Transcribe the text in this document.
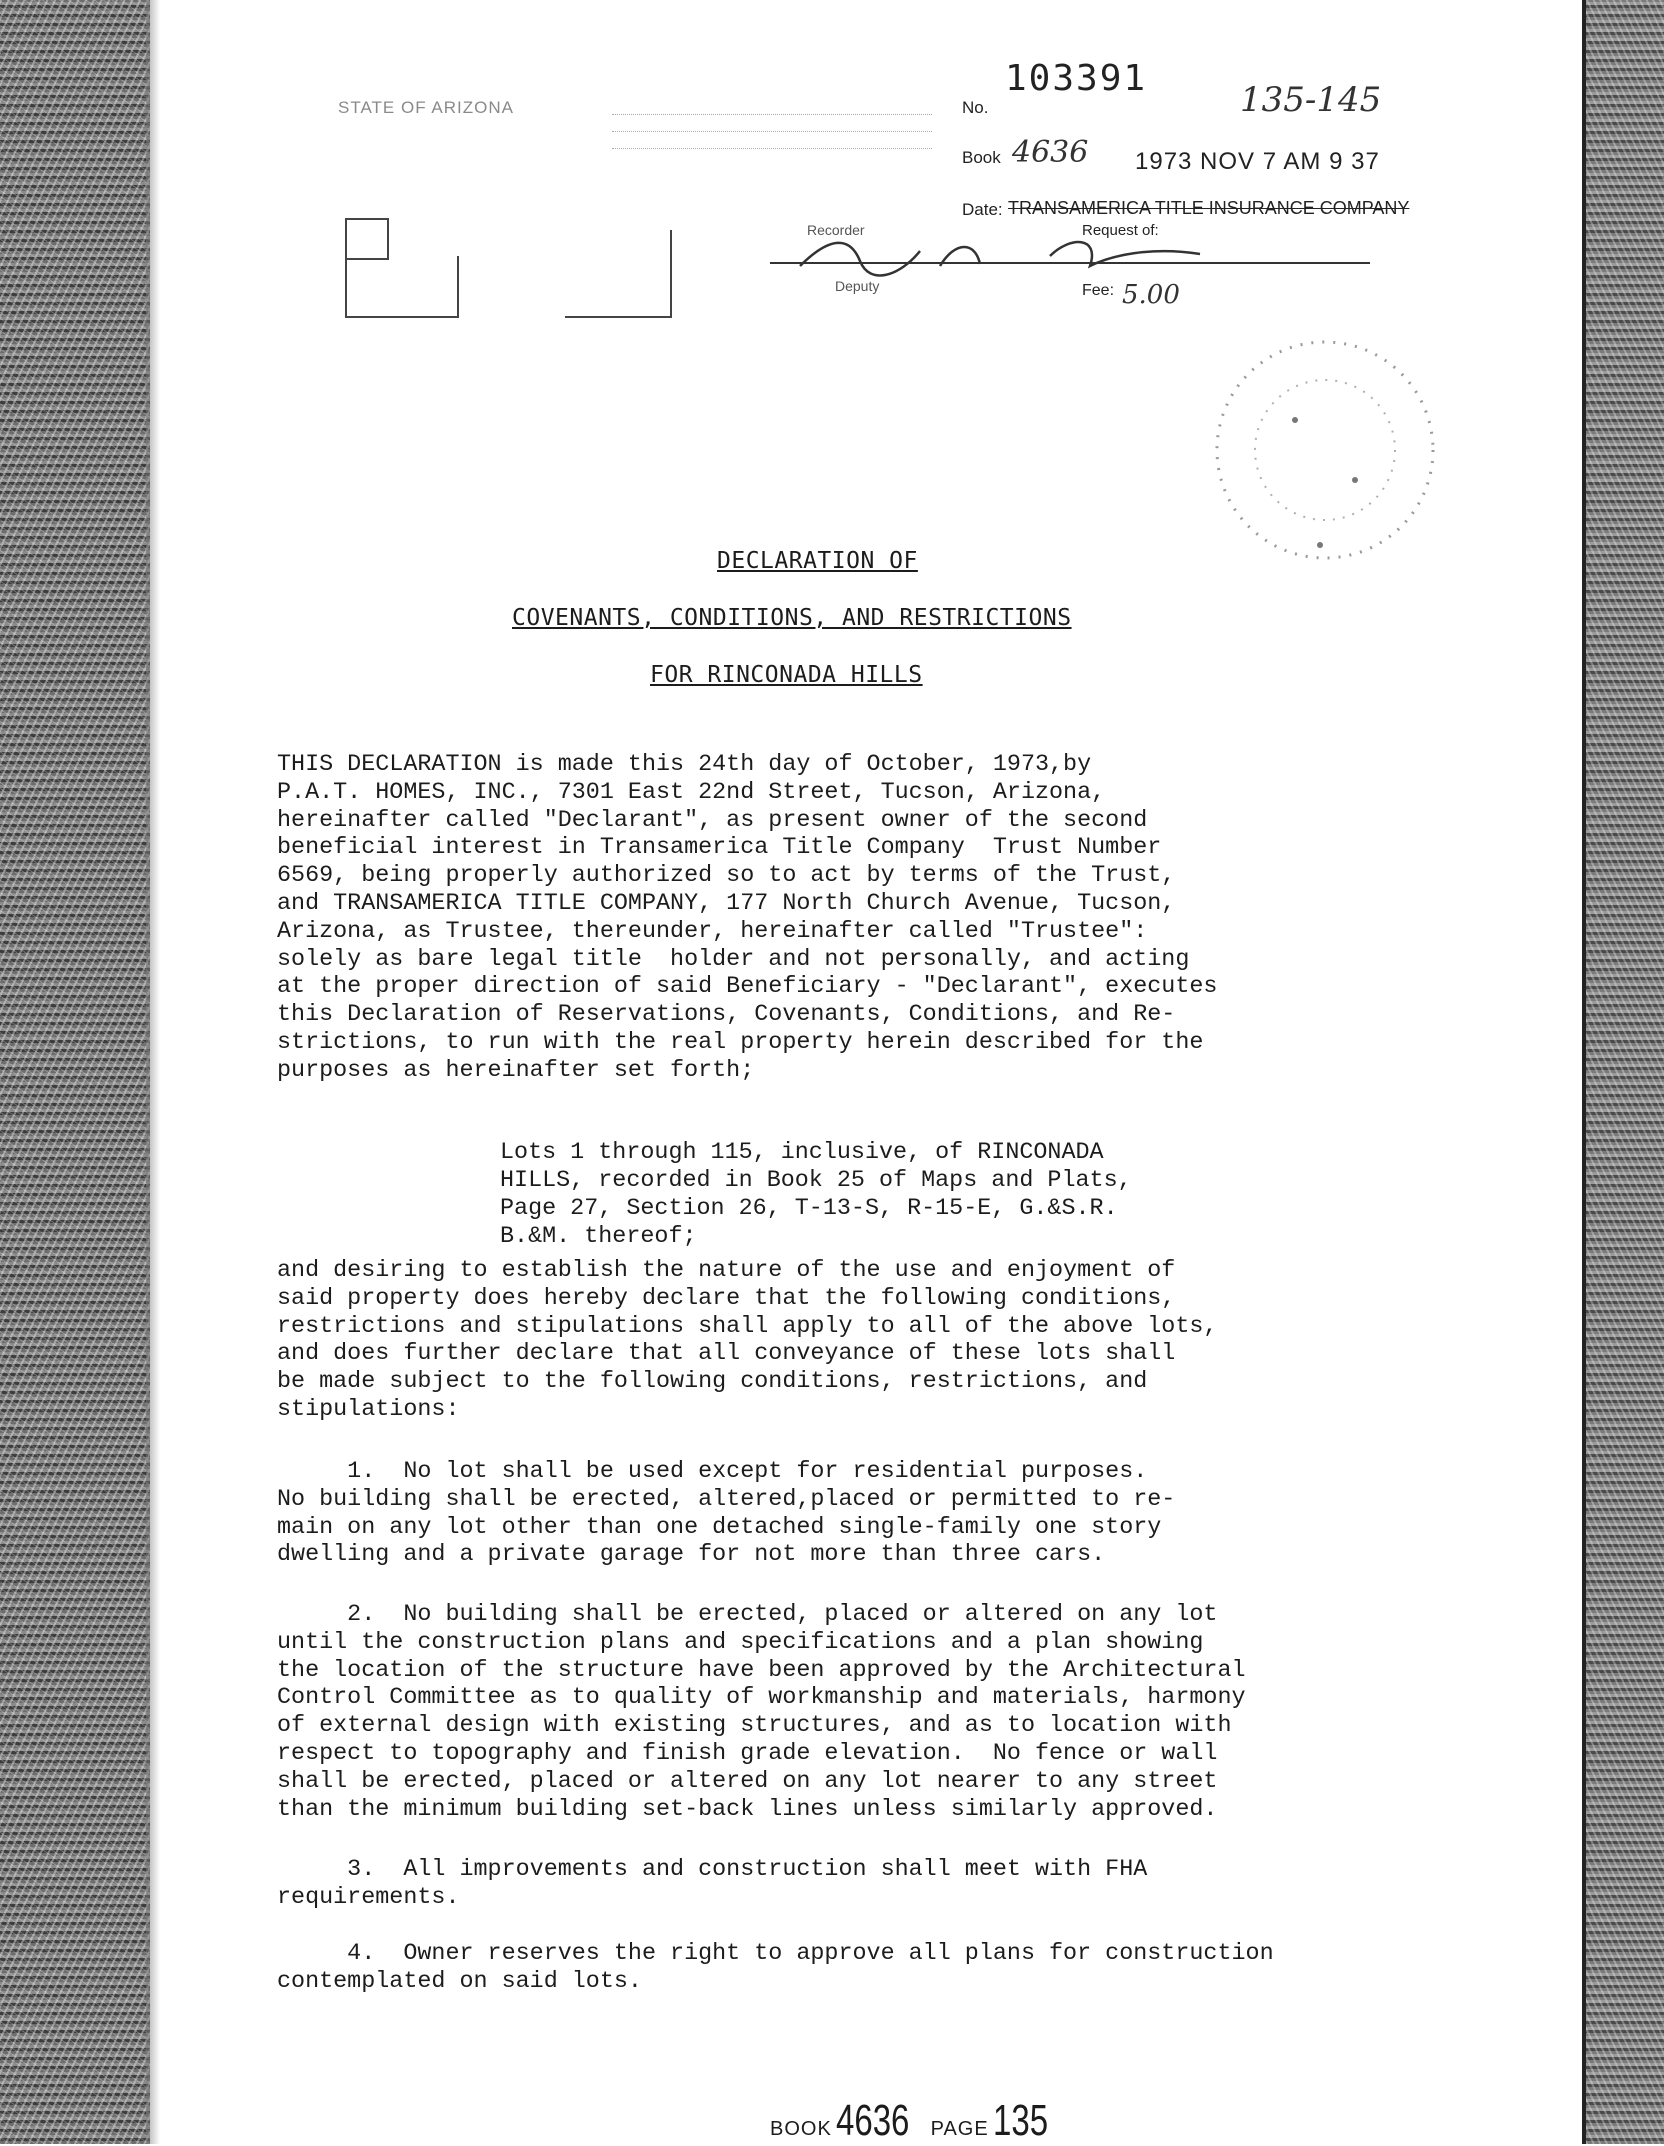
STATE OF ARIZONA	No.
103391
Book 4636
135-145
1973 NOV 7 AM 9 37
Date: TRANSAMERICA TITLE INSURANCE COMPANY
Request of:
Recorder
Deputy	Fee: 5.00
DECLARATION OF
COVENANTS, CONDITIONS, AND RESTRICTIONS
FOR RINCONADA HILLS
THIS DECLARATION is made this 24th day of October, 1973,by
P.A.T. HOMES, INC., 7301 East 22nd Street, Tucson, Arizona,
hereinafter called "Declarant", as present owner of the second
beneficial interest in Transamerica Title Company  Trust Number
6569, being properly authorized so to act by terms of the Trust,
and TRANSAMERICA TITLE COMPANY, 177 North Church Avenue, Tucson,
Arizona, as Trustee, thereunder, hereinafter called "Trustee":
solely as bare legal title  holder and not personally, and acting
at the proper direction of said Beneficiary - "Declarant", executes
this Declaration of Reservations, Covenants, Conditions, and Re-
strictions, to run with the real property herein described for the
purposes as hereinafter set forth;
Lots 1 through 115, inclusive, of RINCONADA
HILLS, recorded in Book 25 of Maps and Plats,
Page 27, Section 26, T-13-S, R-15-E, G.&S.R.
B.&M. thereof;
and desiring to establish the nature of the use and enjoyment of
said property does hereby declare that the following conditions,
restrictions and stipulations shall apply to all of the above lots,
and does further declare that all conveyance of these lots shall
be made subject to the following conditions, restrictions, and
stipulations:
1.  No lot shall be used except for residential purposes.
No building shall be erected, altered,placed or permitted to re-
main on any lot other than one detached single-family one story
dwelling and a private garage for not more than three cars.
2.  No building shall be erected, placed or altered on any lot
until the construction plans and specifications and a plan showing
the location of the structure have been approved by the Architectural
Control Committee as to quality of workmanship and materials, harmony
of external design with existing structures, and as to location with
respect to topography and finish grade elevation.  No fence or wall
shall be erected, placed or altered on any lot nearer to any street
than the minimum building set-back lines unless similarly approved.
3.  All improvements and construction shall meet with FHA
requirements.
4.  Owner reserves the right to approve all plans for construction
contemplated on said lots.
BOOK 4636 PAGE 135
